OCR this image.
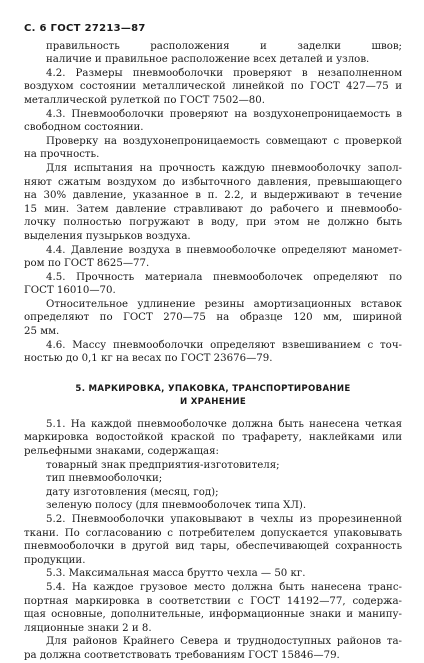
С. 6 ГОСТ 27213—87
правильность расположения и заделки швов;
наличие и правильное расположение всех деталей и узлов.
4.2. Размеры пневмооболочки проверяют в незаполненном
воздухом состоянии металлической линейкой по ГОСТ 427—75 и
металлической рулеткой по ГОСТ 7502—80.
4.3. Пневмооболочки проверяют на воздухонепроницаемость в
свободном состоянии.
Проверку на воздухонепроницаемость совмещают с проверкой
на прочность.
Для испытания на прочность каждую пневмооболочку запол-
няют сжатым воздухом до избыточного давления, превышающего
на 30% давление, указанное в п. 2.2, и выдерживают в течение
15 мин. Затем давление стравливают до рабочего и пневмообо-
лочку полностью погружают в воду, при этом не должно быть
выделения пузырьков воздуха.
4.4. Давление воздуха в пневмооболочке определяют маномет-
ром по ГОСТ 8625—77.
4.5. Прочность материала пневмооболочек определяют по
ГОСТ 16010—70.
Относительное удлинение резины амортизационных вставок
определяют по ГОСТ 270—75 на образце 120 мм, шириной
25 мм.
4.6. Массу пневмооболочки определяют взвешиванием с точ-
ностью до 0,1 кг на весах по ГОСТ 23676—79.
5. МАРКИРОВКА, УПАКОВКА, ТРАНСПОРТИРОВАНИЕ
И ХРАНЕНИЕ
5.1. На каждой пневмооболочке должна быть нанесена четкая
маркировка водостойкой краской по трафарету, наклейками или
рельефными знаками, содержащая:
товарный знак предприятия-изготовителя;
тип пневмооболочки;
дату изготовления (месяц, год);
зеленую полосу (для пневмооболочек типа ХЛ).
5.2. Пневмооболочки упаковывают в чехлы из прорезиненной
ткани. По согласованию с потребителем допускается упаковывать
пневмооболочки в другой вид тары, обеспечивающей сохранность
продукции.
5.3. Максимальная масса брутто чехла — 50 кг.
5.4. На каждое грузовое место должна быть нанесена транс-
портная маркировка в соответствии с ГОСТ 14192—77, содержа-
щая основные, дополнительные, информационные знаки и манипу-
ляционные знаки 2 и 8.
Для районов Крайнего Севера и труднодоступных районов та-
ра должна соответствовать требованиям ГОСТ 15846—79.
